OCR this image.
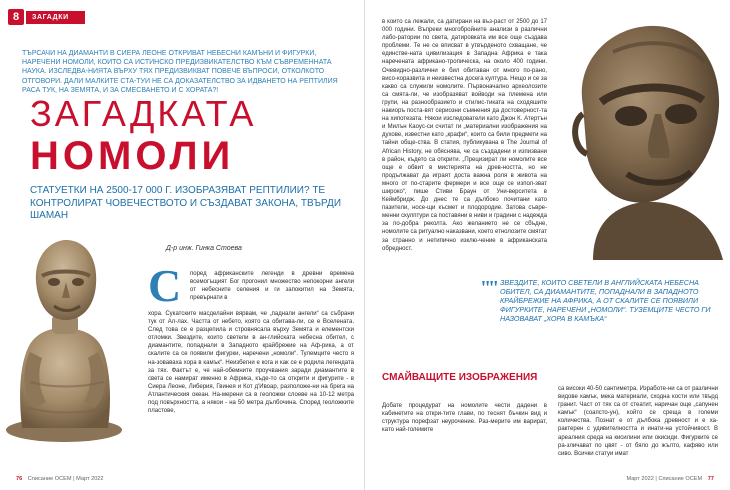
8	ЗАГАДКИ
ТЪРСАЧИ НА ДИАМАНТИ В СИЕРА ЛЕОНЕ ОТКРИВАТ НЕБЕСНИ КАМЪНИ И ФИГУРКИ, НАРЕЧЕНИ НОМОЛИ, КОИТО СА ИСТИНСКО ПРЕДИЗВИКАТЕЛСТВО КЪМ СЪВРЕМЕННАТА НАУКА. ИЗСЛЕДВА-НИЯТА ВЪРХУ ТЯХ ПРЕДИЗВИКВАТ ПОВЕЧЕ ВЪПРОСИ, ОТКОЛКОТО ОТГОВОРИ. ДАЛИ МАЛКИТЕ СТА-ТУИ НЕ СА ДОКАЗАТЕЛСТВО ЗА ИДВАНЕТО НА РЕПТИЛИЯ РАСА ТУК, НА ЗЕМЯТА, И ЗА СМЕСВАНЕТО И С ХОРАТА?!
ЗАГАДКАТА
НОМОЛИ
СТАТУЕТКИ НА 2500-17 000 Г. ИЗОБРАЗЯВАТ РЕПТИЛИИ? ТЕ КОНТРОЛИРАТ ЧОВЕЧЕСТВОТО И СЪЗДАВАТ ЗАКОНА, ТВЪРДИ ШАМАН
Д-р инж. Гинка Стоева
С поред африканските легенди в древни времена всемогъщият Бог прогонил множество непокорни ангели от небесните селения и ги запокитил на Земята, превърнати в
хора. Сукатските масделайни вярвам, че „паднали ангели“ са събрани тук от Ал-лах. Частта от небето, която са обитава-ли, се е Вселената. След това се е разцепила и стровнясала върху Земята и елементски отломки. Звездите, които светели в ан-глийската небесна обител, с диамантите, попаднали в Западното крайбрежие на Аф-рика, а от скалите са се появили фигурки, наречени „номоли“. Тулемците често я на-зоваваха хора в камък“. Неизбегни е кога и как се е родила легендата за тях. Фактът е, че най-обемните проучвания заради диамантите в света се намират именно в Африка, къде-то са открити и фигурите - в Сиера Леоне, Либерия, Гвинея и Кот д'Ивоар, разположе-ни на брега на Атлантическия океан. На-мерени са в геоложки слоеве на 10-12 метра под повърхността, а някои - на 50 метра дълбочина. Според геоложките пластове,
76 Списание ОСЕМ | Март 2022
в които са лежали, са датирани на въз-раст от 2500 до 17 000 години. Въпреки многобройните анализи в различни лабо-ратории по света, датировката им все още създава проблеми. Те не се вписват в утвърденото схващане, че единстве-ната цивилизация в Западна Африка е така наречената африкано-тропическа, на около 400 години. Очевидно-различни е бил обитаван от много по-рано, висо-коразвита и неизвестна досега култура. Нещо и се за какво са служили номолите. Първоначално археолозите са смята-ли, че изобразяват войводи на племена или групи, на разнообразието и стилис-тиката на сходяшите накиоръ поста-вят сериозни съмнения да достоверност-та на хипотезата. Някои изследователи като Джон К. Атертън и Милън Каоус-си считат ги „материални изображения на духове, известни като „крафи“, които са били предмети на тайни обще-ства. В статия, публикувана в The Journal of African History, не обяснява, че са създадени и изпизвани в район, където са открити. „Прецизират ли номолите все още е обвит в мистерията на древ-ността, но не продължават да играят доста важна роля в живота на много от по-старите фермери и все още се изпол-зват широко“, пише Стиви Браун от Уни-верситета в Кеймбридж. До днес те са дълбоко почитани като пазители, носе-щи късмет и плодородие. Затова съвре-менни скулптури са поставяни в ниви и градини с надежда за по-добра реколта. Ако желанието не се сбъдне, номолите са ритуално наказвани, което етнолозите смятат за странно и нетипично изклю-чение в африканската обредност.
"" ЗВЕЗДИТЕ, КОИТО СВЕТЕЛИ В АНГЛИЙСКАТА НЕБЕСНА ОБИТЕЛ, СА ДИАМАНТИТЕ, ПОПАДНАЛИ В ЗАПАДНОТО КРАЙБРЕЖИЕ НА АФРИКА, А ОТ СКАЛИТЕ СЕ ПОЯВИЛИ ФИГУРКИТЕ, НАРЕЧЕНИ „НОМОЛИ“. ТУЗЕМЦИТЕ ЧЕСТО ГИ НАЗОВАВАТ „ХОРА В КАМЪКА“
СМАЙВАЩИТЕ ИЗОБРАЖЕНИЯ
Добате процедурат на номолите чести дадени в кабинетите на откри-тите глави, по теснят бъчкин вид и структура порефзат неурочение. Раз-мерите им варират, като най-големите
са високи 40-50 сантиметра. Изработе-ни са от различни видове камък, мека материали, сходна кости или твърд гранит. Част от тях са от стеатит, наричан още „сапунен камък“ (соапсто-ун), който се среща в големи количества. Познат е от дълбока древност и е ха-рактерен с удивителността и инати-на устойчивост. В ареалния среда на кисилини или окисиди. Фигурките се ра-зличават по цвят - от бяло до жълто, кафяво или сиво. Всички статуи имат
Март 2022 | Списание ОСЕМ 77
